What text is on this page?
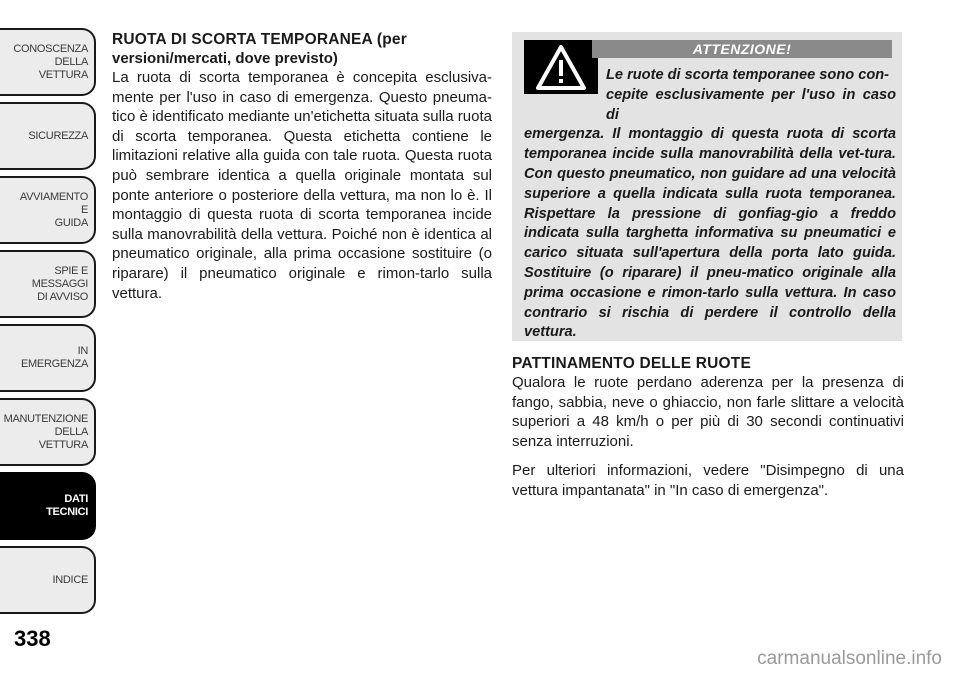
CONOSCENZA
DELLA
VETTURA
SICUREZZA
AVVIAMENTO
E
GUIDA
SPIE E
MESSAGGI
DI AVVISO
IN
EMERGENZA
MANUTENZIONE
DELLA
VETTURA
DATI
TECNICI
INDICE
338
RUOTA DI SCORTA TEMPORANEA (per
versioni/mercati, dove previsto)

La ruota di scorta temporanea è concepita esclusiva-mente per l'uso in caso di emergenza. Questo pneuma-tico è identificato mediante un'etichetta situata sulla ruota di scorta temporanea. Questa etichetta contiene le limitazioni relative alla guida con tale ruota. Questa ruota può sembrare identica a quella originale montata sul ponte anteriore o posteriore della vettura, ma non lo è. Il montaggio di questa ruota di scorta temporanea incide sulla manovrabilità della vettura. Poiché non è identica al pneumatico originale, alla prima occasione sostituire (o riparare) il pneumatico originale e rimon-tarlo sulla vettura.

ATTENZIONE!
Le ruote di scorta temporanee sono con-
cepite esclusivamente per l'uso in caso di
emergenza. Il montaggio di questa ruota di scorta temporanea incide sulla manovrabilità della vet-tura. Con questo pneumatico, non guidare ad una velocità superiore a quella indicata sulla ruota temporanea. Rispettare la pressione di gonfiag-gio a freddo indicata sulla targhetta informativa su pneumatici e carico situata sull'apertura della porta lato guida. Sostituire (o riparare) il pneu-matico originale alla prima occasione e rimon-tarlo sulla vettura. In caso contrario si rischia di perdere il controllo della vettura.
PATTINAMENTO DELLE RUOTE

Qualora le ruote perdano aderenza per la presenza di fango, sabbia, neve o ghiaccio, non farle slittare a velocità superiori a 48 km/h o per più di 30 secondi continuativi senza interruzioni.

Per ulteriori informazioni, vedere "Disimpegno di una vettura impantanata" in "In caso di emergenza".

carmanualsonline.info
